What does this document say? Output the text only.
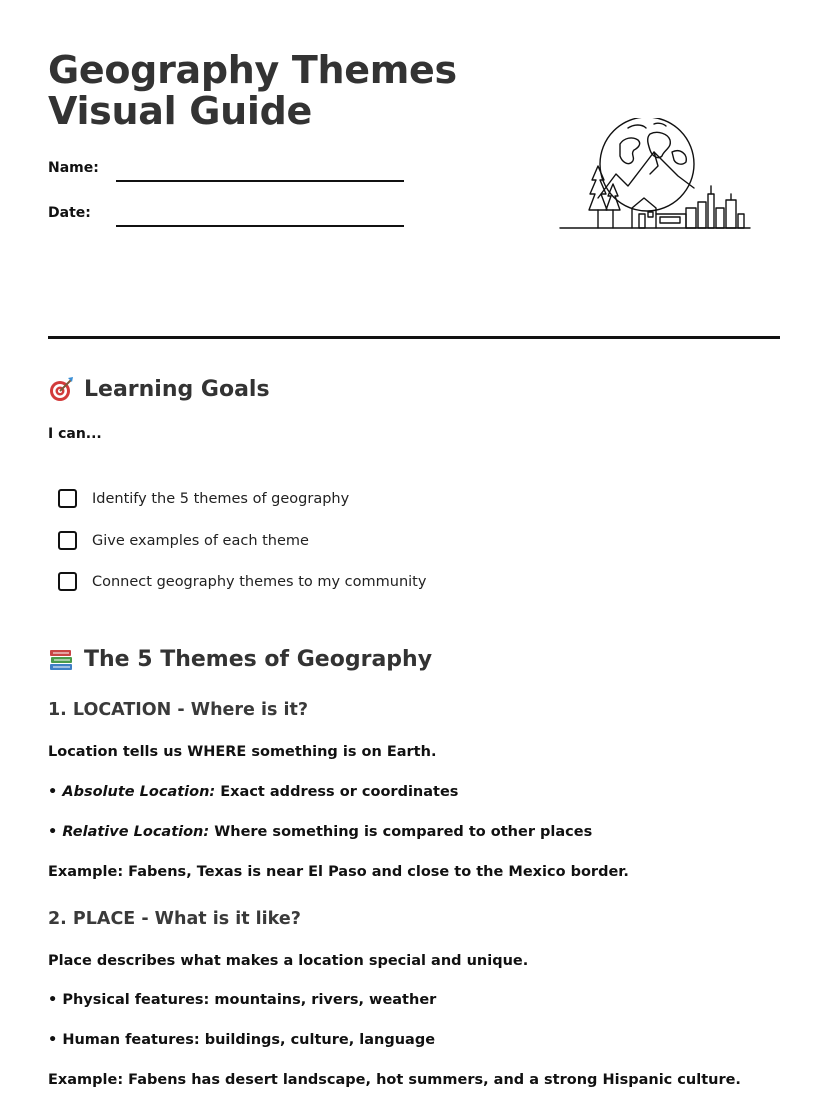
Geography Themes
Visual Guide
Name:
Date:
Learning Goals
I can...
Identify the 5 themes of geography
Give examples of each theme
Connect geography themes to my community
The 5 Themes of Geography
1. LOCATION - Where is it?
Location tells us WHERE something is on Earth.
• Absolute Location: Exact address or coordinates
• Relative Location: Where something is compared to other places
Example: Fabens, Texas is near El Paso and close to the Mexico border.
2. PLACE - What is it like?
Place describes what makes a location special and unique.
• Physical features: mountains, rivers, weather
• Human features: buildings, culture, language
Example: Fabens has desert landscape, hot summers, and a strong Hispanic culture.
